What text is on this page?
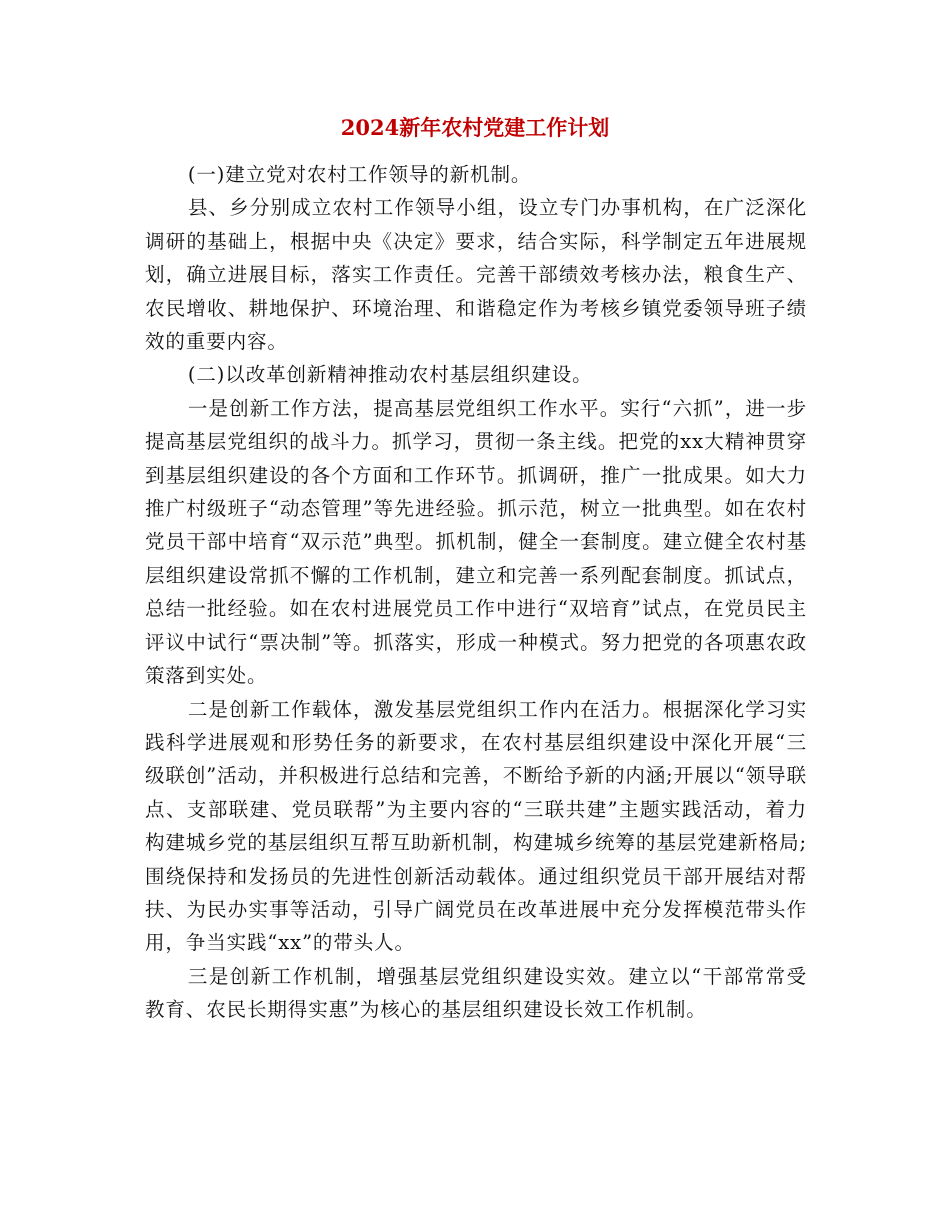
2024新年农村党建工作计划

(一)建立党对农村工作领导的新机制。

县、乡分别成立农村工作领导小组，设立专门办事机构，在广泛深化调研的基础上，根据中央《决定》要求，结合实际，科学制定五年进展规划，确立进展目标，落实工作责任。完善干部绩效考核办法，粮食生产、农民增收、耕地保护、环境治理、和谐稳定作为考核乡镇党委领导班子绩效的重要内容。

(二)以改革创新精神推动农村基层组织建设。

一是创新工作方法，提高基层党组织工作水平。实行“六抓”，进一步提高基层党组织的战斗力。抓学习，贯彻一条主线。把党的xx大精神贯穿到基层组织建设的各个方面和工作环节。抓调研，推广一批成果。如大力推广村级班子“动态管理”等先进经验。抓示范，树立一批典型。如在农村党员干部中培育“双示范”典型。抓机制，健全一套制度。建立健全农村基层组织建设常抓不懈的工作机制，建立和完善一系列配套制度。抓试点，总结一批经验。如在农村进展党员工作中进行“双培育”试点，在党员民主评议中试行“票决制”等。抓落实，形成一种模式。努力把党的各项惠农政策落到实处。

二是创新工作载体，激发基层党组织工作内在活力。根据深化学习实践科学进展观和形势任务的新要求，在农村基层组织建设中深化开展“三级联创”活动，并积极进行总结和完善，不断给予新的内涵;开展以“领导联点、支部联建、党员联帮”为主要内容的“三联共建”主题实践活动，着力构建城乡党的基层组织互帮互助新机制，构建城乡统筹的基层党建新格局;围绕保持和发扬员的先进性创新活动载体。通过组织党员干部开展结对帮扶、为民办实事等活动，引导广阔党员在改革进展中充分发挥模范带头作用，争当实践“xx”的带头人。

三是创新工作机制，增强基层党组织建设实效。建立以“干部常常受教育、农民长期得实惠”为核心的基层组织建设长效工作机制。
